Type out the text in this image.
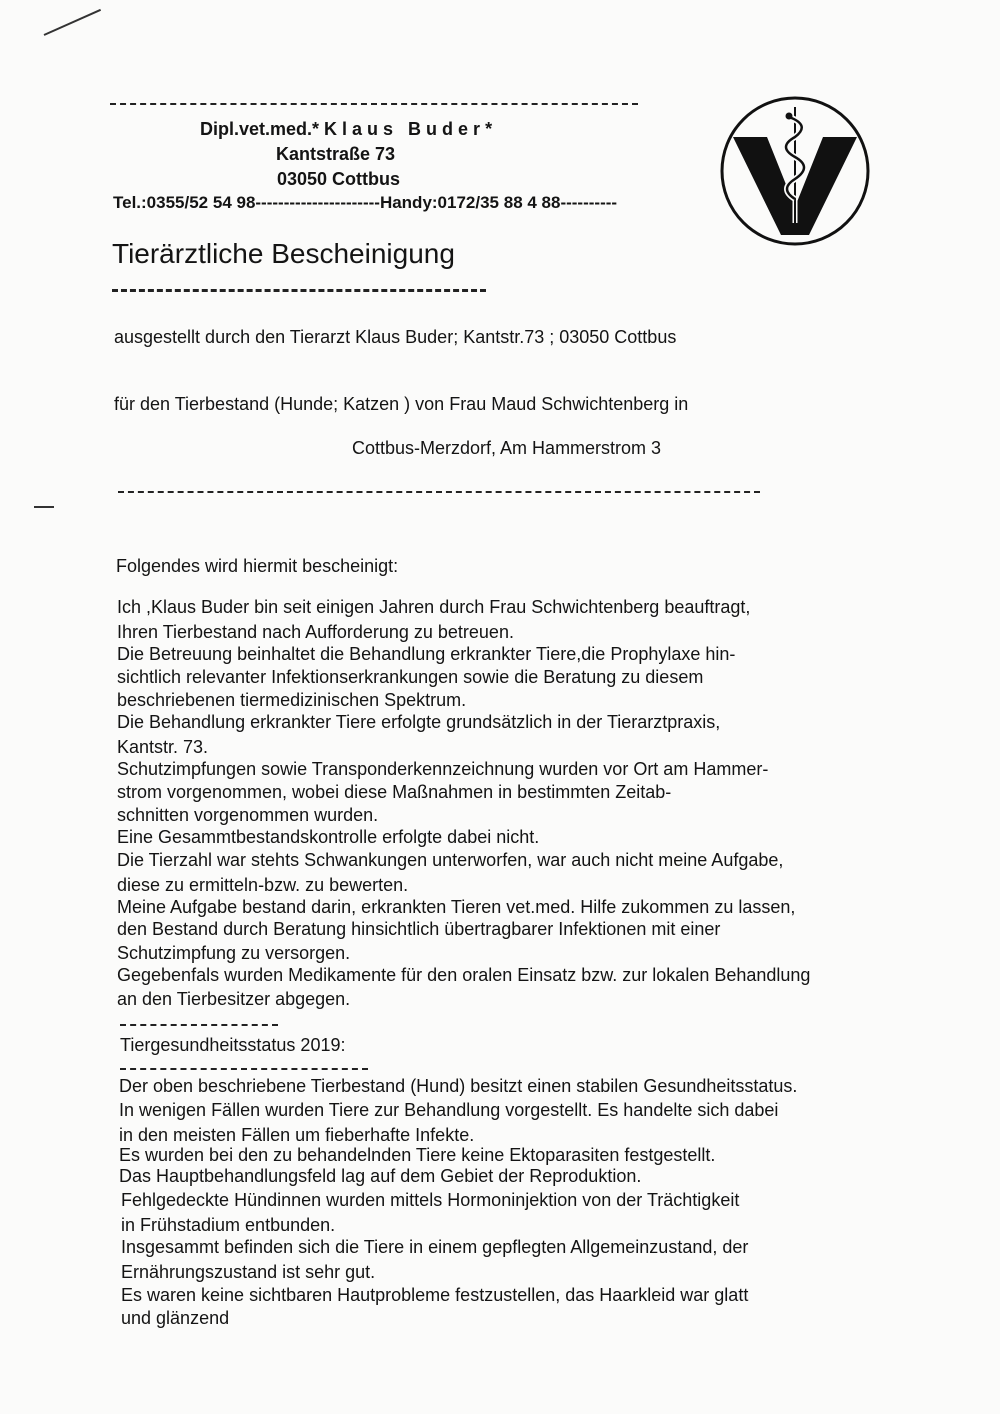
Dipl.vet.med.* K l a u s   B u d e r *
Kantstraße 73
03050 Cottbus
Tel.:0355/52 54 98----------------------Handy:0172/35 88 4 88----------
Tierärztliche Bescheinigung
ausgestellt durch den Tierarzt Klaus Buder; Kantstr.73 ; 03050 Cottbus
für den Tierbestand (Hunde; Katzen ) von Frau Maud Schwichtenberg in
Cottbus-Merzdorf, Am Hammerstrom 3
Folgendes wird hiermit bescheinigt:
Ich ,Klaus Buder bin seit einigen Jahren durch Frau Schwichtenberg beauftragt,
Ihren Tierbestand nach Aufforderung zu betreuen.
Die Betreuung beinhaltet die Behandlung erkrankter Tiere,die Prophylaxe hin-
sichtlich relevanter Infektionserkrankungen sowie die Beratung zu diesem
beschriebenen tiermedizinischen Spektrum.
Die Behandlung erkrankter Tiere erfolgte grundsätzlich in der Tierarztpraxis,
Kantstr. 73.
Schutzimpfungen sowie Transponderkennzeichnung wurden vor Ort am Hammer-
strom vorgenommen, wobei diese Maßnahmen in bestimmten Zeitab-
schnitten vorgenommen wurden.
Eine Gesammtbestandskontrolle erfolgte dabei nicht.
Die Tierzahl war stehts Schwankungen unterworfen, war auch nicht meine Aufgabe,
diese zu ermitteln-bzw. zu bewerten.
Meine Aufgabe bestand darin, erkrankten Tieren vet.med. Hilfe zukommen zu lassen,
den Bestand durch Beratung hinsichtlich übertragbarer Infektionen mit einer
Schutzimpfung zu versorgen.
Gegebenfals wurden Medikamente für den oralen Einsatz bzw. zur lokalen Behandlung
an den Tierbesitzer abgegen.
Tiergesundheitsstatus 2019:
Der oben beschriebene Tierbestand (Hund) besitzt einen stabilen Gesundheitsstatus.
In wenigen Fällen wurden Tiere zur Behandlung vorgestellt. Es handelte sich dabei
in den meisten Fällen um fieberhafte Infekte.
Es wurden bei den zu behandelnden Tiere keine Ektoparasiten festgestellt.
Das Hauptbehandlungsfeld lag auf dem Gebiet der Reproduktion.
Fehlgedeckte Hündinnen wurden mittels Hormoninjektion von der Trächtigkeit
in Frühstadium entbunden.
Insgesammt befinden sich die Tiere in einem gepflegten Allgemeinzustand, der
Ernährungszustand ist sehr gut.
Es waren keine sichtbaren Hautprobleme festzustellen, das Haarkleid war glatt
und glänzend
